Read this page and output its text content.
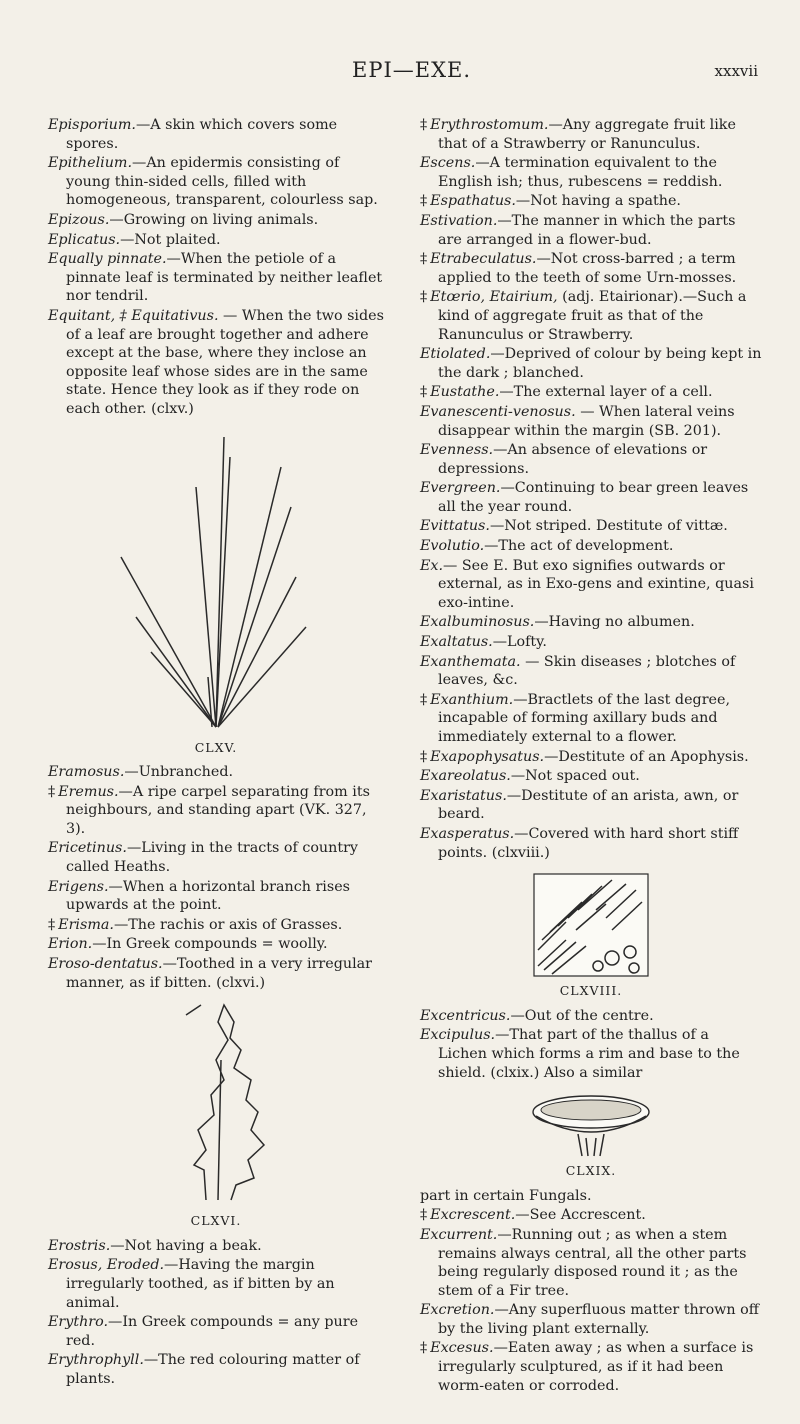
EPI—EXE.	xxxvii

Episporium.—A skin which covers some spores.

Epithelium.—An epidermis consisting of young thin-sided cells, filled with homogeneous, transparent, colourless sap.

Epizous.—Growing on living animals.

Eplicatus.—Not plaited.

Equally pinnate.—When the petiole of a pinnate leaf is terminated by neither leaflet nor tendril.

Equitant, ‡ Equitativus. — When the two sides of a leaf are brought together and adhere except at the base, where they inclose an opposite leaf whose sides are in the same state. Hence they look as if they rode on each other. (clxv.)

CLXV.

Eramosus.—Unbranched.

‡ Eremus.—A ripe carpel separating from its neighbours, and standing apart (VK. 327, 3).

Ericetinus.—Living in the tracts of country called Heaths.

Erigens.—When a horizontal branch rises upwards at the point.

‡ Erisma.—The rachis or axis of Grasses.

Erion.—In Greek compounds = woolly.

Eroso-dentatus.—Toothed in a very irregular manner, as if bitten. (clxvi.)

CLXVI.

Erostris.—Not having a beak.

Erosus, Eroded.—Having the margin irregularly toothed, as if bitten by an animal.

Erythro.—In Greek compounds = any pure red.

Erythrophyll.—The red colouring matter of plants.

‡ Erythrostomum.—Any aggregate fruit like that of a Strawberry or Ranunculus.

Escens.—A termination equivalent to the English ish; thus, rubescens = reddish.

‡ Espathatus.—Not having a spathe.

Estivation.—The manner in which the parts are arranged in a flower-bud.

‡ Etrabeculatus.—Not cross-barred ; a term applied to the teeth of some Urn-mosses.

‡ Etœrio, Etairium, (adj. Etairionar).—Such a kind of aggregate fruit as that of the Ranunculus or Strawberry.

Etiolated.—Deprived of colour by being kept in the dark ; blanched.

‡ Eustathe.—The external layer of a cell.

Evanescenti-venosus. — When lateral veins disappear within the margin (SB. 201).

Evenness.—An absence of elevations or depressions.

Evergreen.—Continuing to bear green leaves all the year round.

Evittatus.—Not striped. Destitute of vittæ.

Evolutio.—The act of development.

Ex.— See E. But exo signifies outwards or external, as in Exo-gens and exintine, quasi exo-intine.

Exalbuminosus.—Having no albumen.

Exaltatus.—Lofty.

Exanthemata. — Skin diseases ; blotches of leaves, &c.

‡ Exanthium.—Bractlets of the last degree, incapable of forming axillary buds and immediately external to a flower.

‡ Exapophysatus.—Destitute of an Apophysis.

Exareolatus.—Not spaced out.

Exaristatus.—Destitute of an arista, awn, or beard.

Exasperatus.—Covered with hard short stiff points. (clxviii.)

CLXVIII.

Excentricus.—Out of the centre.

Excipulus.—That part of the thallus of a Lichen which forms a rim and base to the shield. (clxix.) Also a similar

CLXIX.

part in certain Fungals.

‡ Excrescent.—See Accrescent.

Excurrent.—Running out ; as when a stem remains always central, all the other parts being regularly disposed round it ; as the stem of a Fir tree.

Excretion.—Any superfluous matter thrown off by the living plant externally.

‡ Excesus.—Eaten away ; as when a surface is irregularly sculptured, as if it had been worm-eaten or corroded.
